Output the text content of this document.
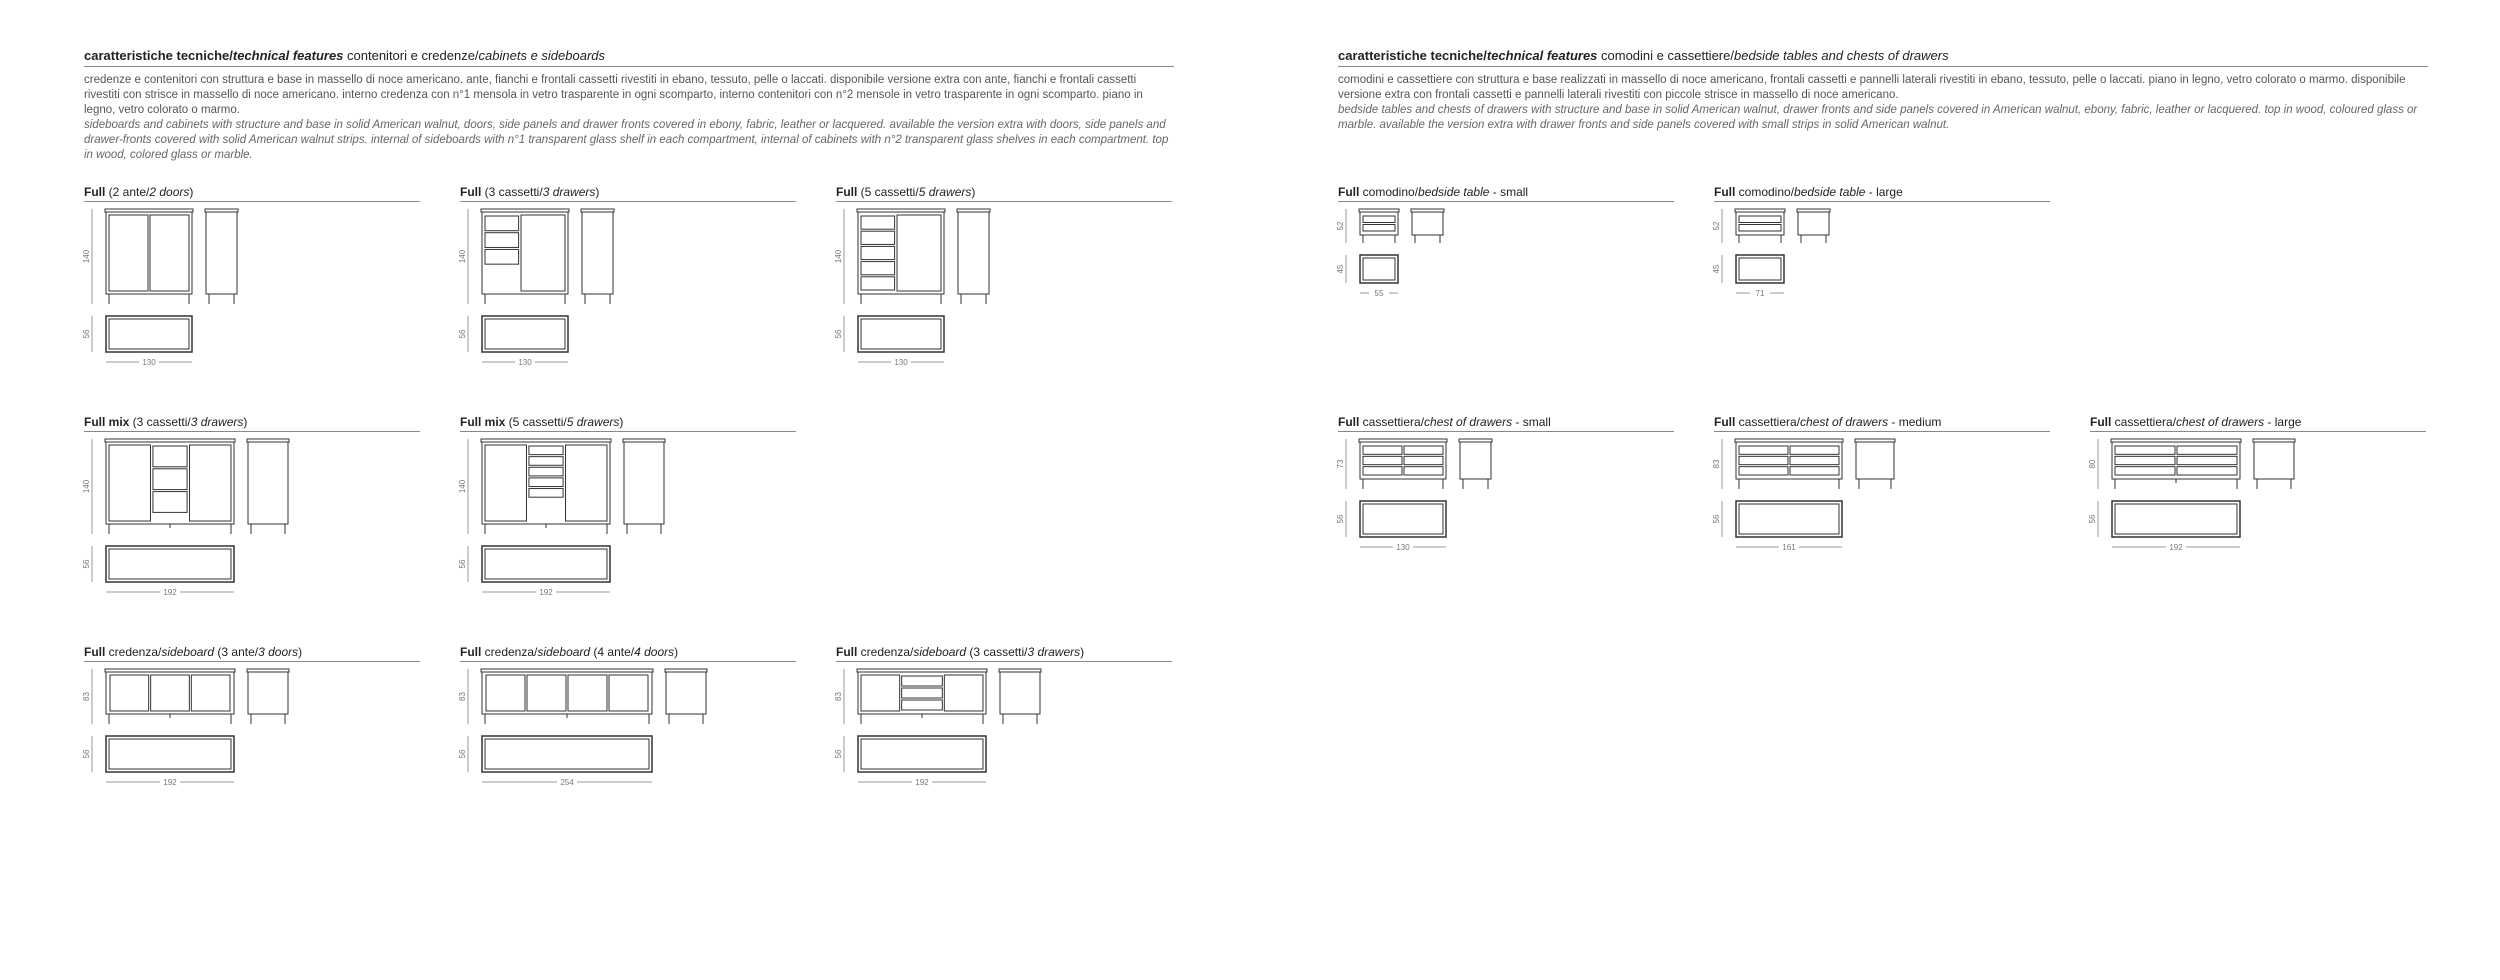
caratteristiche tecniche/technical features contenitori e credenze/cabinets e sideboards
credenze e contenitori con struttura e base in massello di noce americano. ante, fianchi e frontali cassetti rivestiti in ebano, tessuto, pelle o laccati. disponibile versione extra con ante, fianchi e frontali cassetti rivestiti con strisce in massello di noce americano. interno credenza con n°1 mensola in vetro trasparente in ogni scomparto, interno contenitori con n°2 mensole in vetro trasparente in ogni scomparto. piano in legno, vetro colorato o marmo.
sideboards and cabinets with structure and base in solid American walnut, doors, side panels and drawer fronts covered in ebony, fabric, leather or lacquered. available the version extra with doors, side panels and drawer-fronts covered with solid American walnut strips. internal of sideboards with n°1 transparent glass shelf in each compartment, internal of cabinets with n°2 transparent glass shelves in each compartment. top in wood, colored glass or marble.
caratteristiche tecniche/technical features comodini e cassettiere/bedside tables and chests of drawers
comodini e cassettiere con struttura e base realizzati in massello di noce americano, frontali cassetti e pannelli laterali rivestiti in ebano, tessuto, pelle o laccati. piano in legno, vetro colorato o marmo. disponibile versione extra con frontali cassetti e pannelli laterali rivestiti con piccole strisce in massello di noce americano.
bedside tables and chests of drawers with structure and base in solid American walnut, drawer fronts and side panels covered in American walnut, ebony, fabric, leather or lacquered. top in wood, coloured glass or marble. available the version extra with drawer fronts and side panels covered with small strips in solid American walnut.
Full (2 ante/2 doors)
140
56
130
Full (3 cassetti/3 drawers)
140
56
130
Full (5 cassetti/5 drawers)
140
56
130
Full mix (3 cassetti/3 drawers)
140
56
192
Full mix (5 cassetti/5 drawers)
140
56
192
Full credenza/sideboard (3 ante/3 doors)
83
56
192
Full credenza/sideboard (4 ante/4 doors)
83
56
254
Full credenza/sideboard (3 cassetti/3 drawers)
83
56
192
Full comodino/bedside table - small
52
45
55
Full comodino/bedside table - large
52
45
71
Full cassettiera/chest of drawers - small
73
56
130
Full cassettiera/chest of drawers - medium
83
56
161
Full cassettiera/chest of drawers - large
80
56
192
